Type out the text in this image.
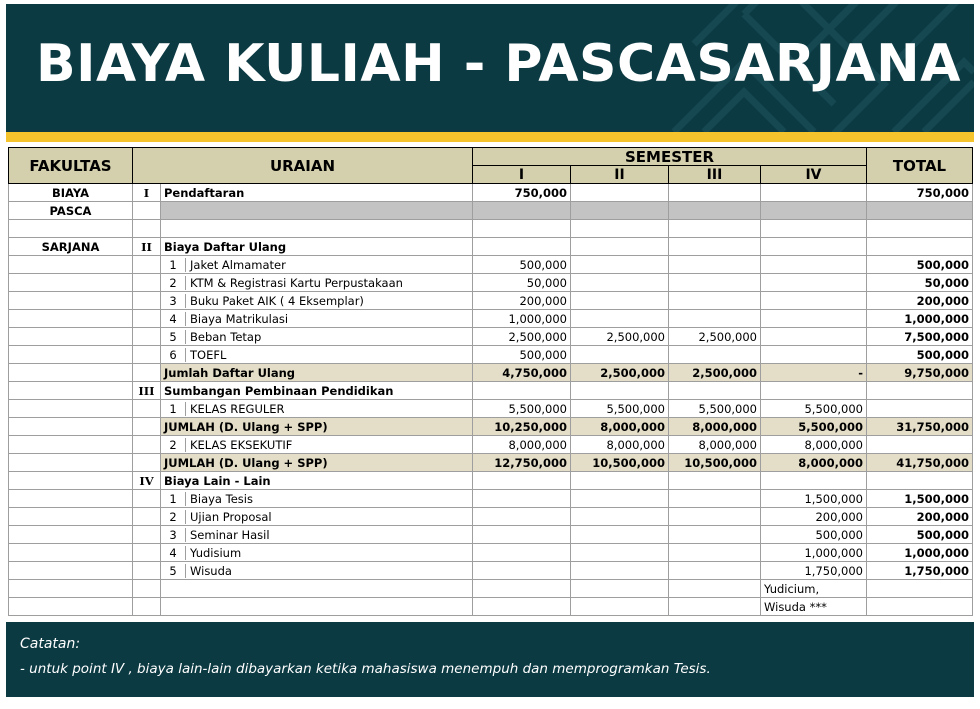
BIAYA KULIAH - PASCASARJANA
FAKULTAS	URAIAN		SEMESTER				TOTAL
			I	II	III	IV	
BIAYA	I	Pendaftaran	750,000				750,000
PASCA							

SARJANA	II	Biaya Daftar Ulang					

		1 Jaket Almamater	500,000				500,000

		2 KTM & Registrasi Kartu Perpustakaan	50,000				50,000

		3 Buku Paket AIK ( 4 Eksemplar)	200,000				200,000

		4 Biaya Matrikulasi	1,000,000				1,000,000

		5 Beban Tetap	2,500,000	2,500,000	2,500,000		7,500,000

		6 TOEFL	500,000				500,000
		Jumlah Daftar Ulang	4,750,000	2,500,000	2,500,000	-	9,750,000
	III	Sumbangan Pembinaan Pendidikan					

		1 KELAS REGULER	5,500,000	5,500,000	5,500,000	5,500,000	
		JUMLAH (D. Ulang + SPP)	10,250,000	8,000,000	8,000,000	5,500,000	31,750,000

		2 KELAS EKSEKUTIF	8,000,000	8,000,000	8,000,000	8,000,000	
		JUMLAH (D. Ulang + SPP)	12,750,000	10,500,000	10,500,000	8,000,000	41,750,000
	IV	Biaya Lain - Lain					

		1 Biaya Tesis				1,500,000	1,500,000

		2 Ujian Proposal				200,000	200,000

		3 Seminar Hasil				500,000	500,000

		4 Yudisium				1,000,000	1,000,000

		5 Wisuda				1,750,000	1,750,000
						Yudicium,	
						Wisuda ***	
Catatan:
- untuk point IV , biaya lain-lain dibayarkan ketika mahasiswa menempuh dan memprogramkan Tesis.
